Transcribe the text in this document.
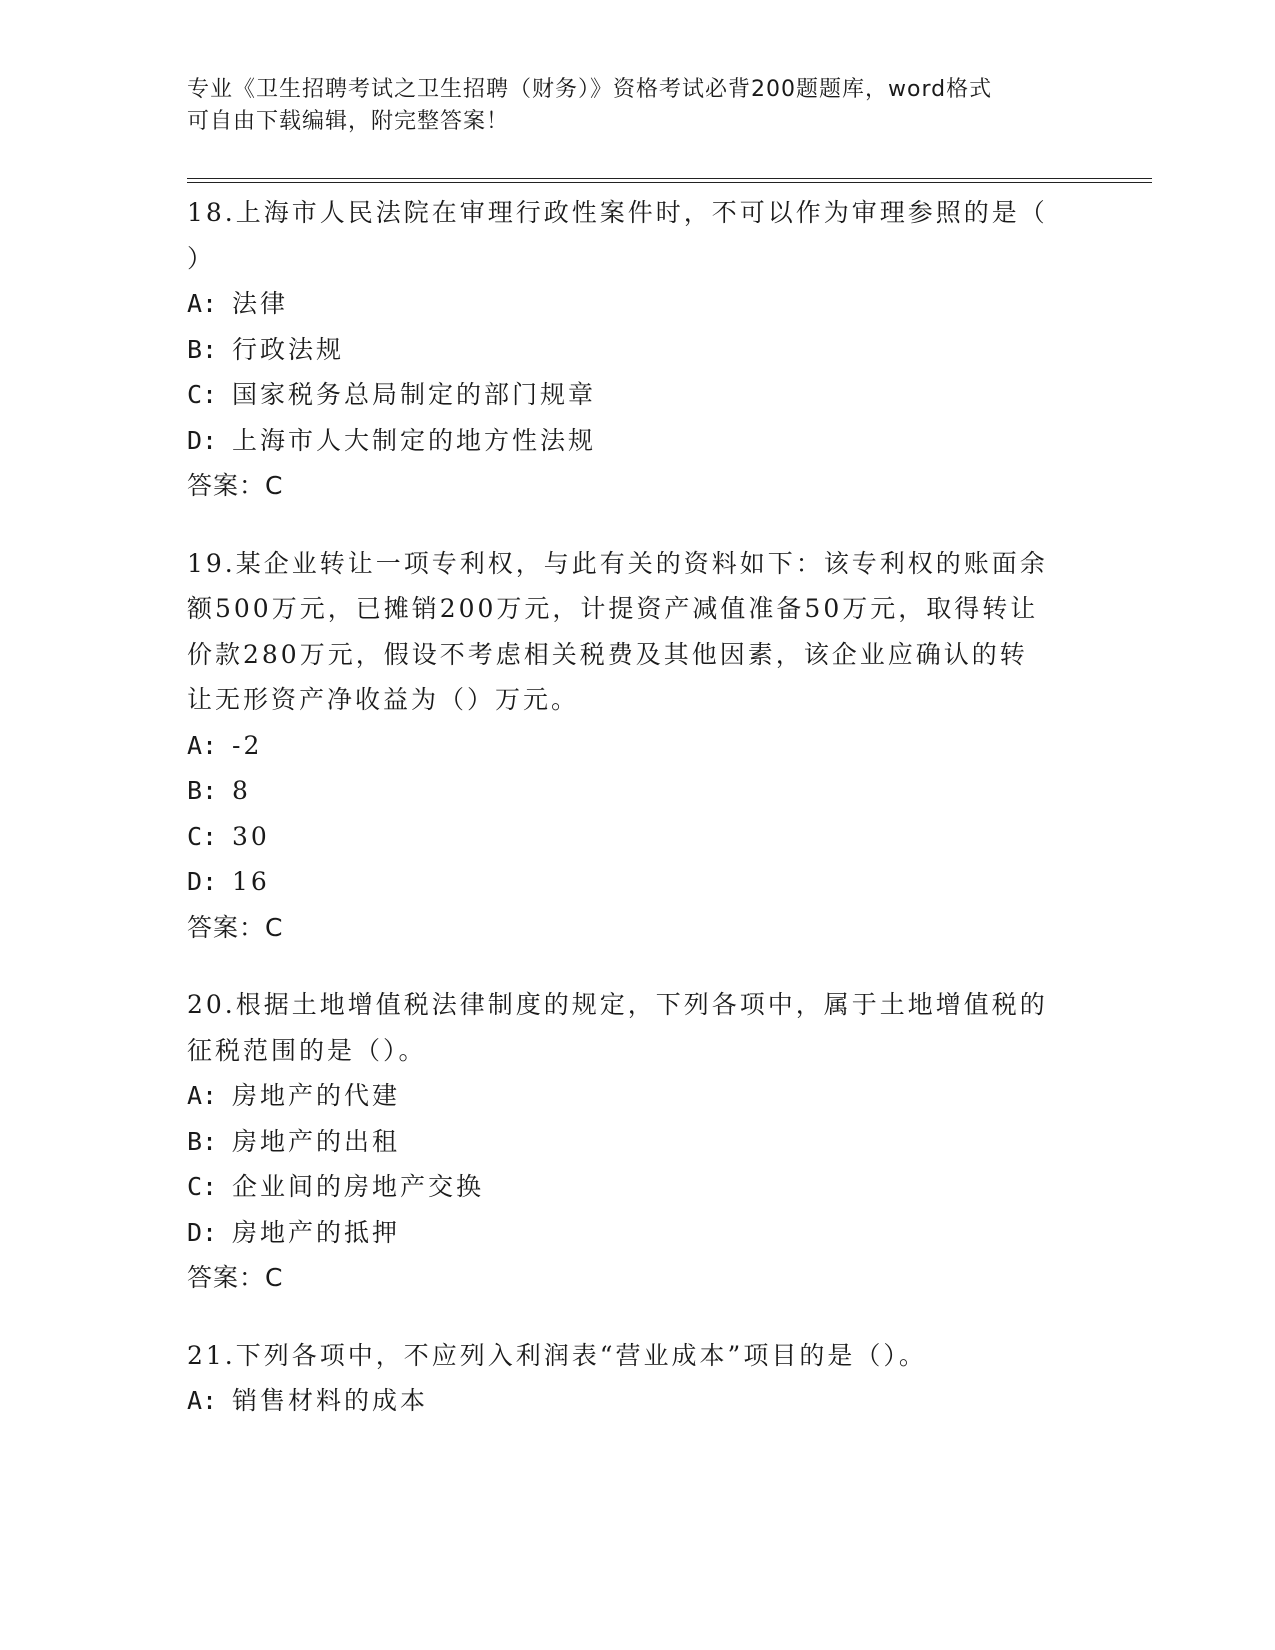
专业《卫生招聘考试之卫生招聘（财务）》资格考试必背200题题库，word格式
可自由下载编辑，附完整答案！
18.上海市人民法院在审理行政性案件时，不可以作为审理参照的是（
）
A: 法律
B: 行政法规
C: 国家税务总局制定的部门规章
D: 上海市人大制定的地方性法规
答案：C
19.某企业转让一项专利权，与此有关的资料如下：该专利权的账面余
额500万元，已摊销200万元，计提资产减值准备50万元，取得转让
价款280万元，假设不考虑相关税费及其他因素，该企业应确认的转
让无形资产净收益为（）万元。
A: -2
B: 8
C: 30
D: 16
答案：C
20.根据土地增值税法律制度的规定，下列各项中，属于土地增值税的
征税范围的是（）。
A: 房地产的代建
B: 房地产的出租
C: 企业间的房地产交换
D: 房地产的抵押
答案：C
21.下列各项中，不应列入利润表“营业成本”项目的是（）。
A: 销售材料的成本
